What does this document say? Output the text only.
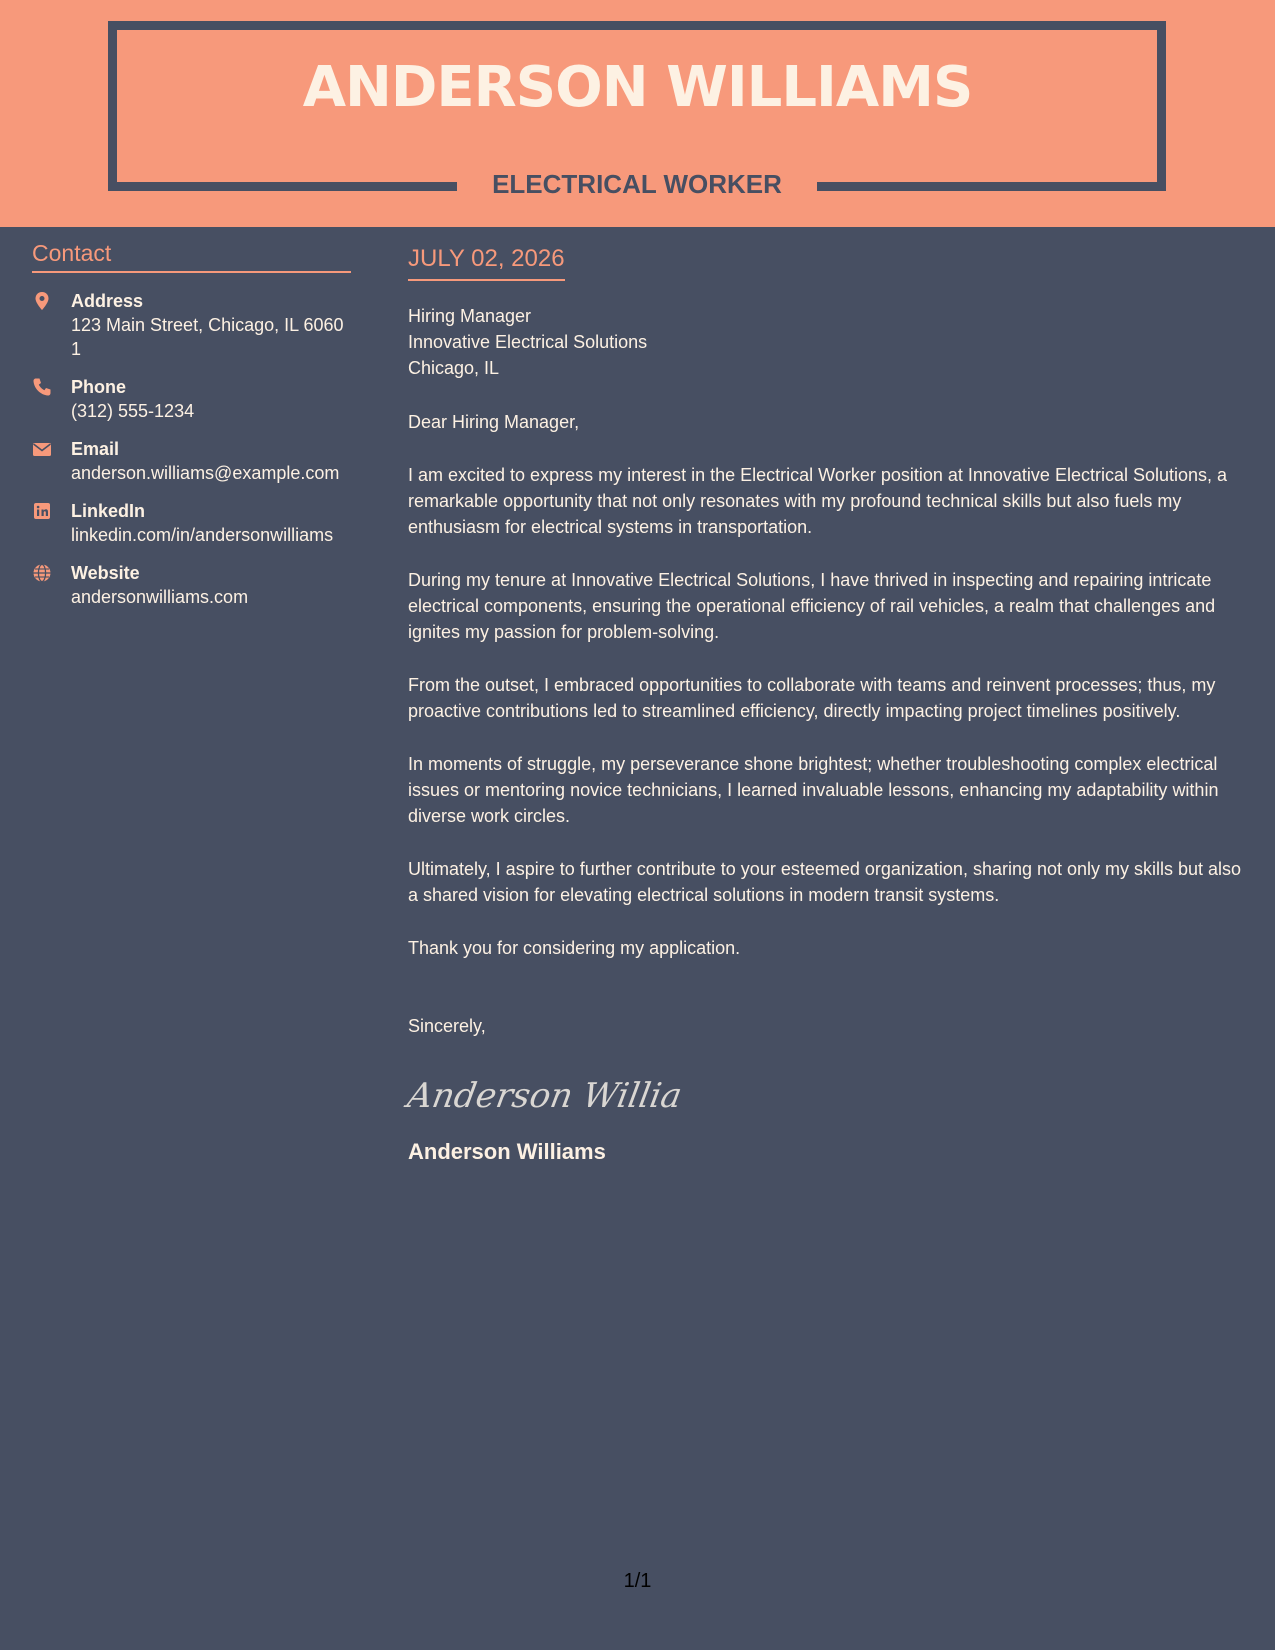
ANDERSON WILLIAMS
ELECTRICAL WORKER
Contact
Address
123 Main Street, Chicago, IL 60601
Phone
(312) 555-1234
Email
anderson.williams@example.com
LinkedIn
linkedin.com/in/andersonwilliams
Website
andersonwilliams.com
JULY 02, 2026
Hiring Manager
Innovative Electrical Solutions
Chicago, IL
Dear Hiring Manager,
I am excited to express my interest in the Electrical Worker position at Innovative Electrical Solutions, a remarkable opportunity that not only resonates with my profound technical skills but also fuels my enthusiasm for electrical systems in transportation.
During my tenure at Innovative Electrical Solutions, I have thrived in inspecting and repairing intricate electrical components, ensuring the operational efficiency of rail vehicles, a realm that challenges and ignites my passion for problem-solving.
From the outset, I embraced opportunities to collaborate with teams and reinvent processes; thus, my proactive contributions led to streamlined efficiency, directly impacting project timelines positively.
In moments of struggle, my perseverance shone brightest; whether troubleshooting complex electrical issues or mentoring novice technicians, I learned invaluable lessons, enhancing my adaptability within diverse work circles.
Ultimately, I aspire to further contribute to your esteemed organization, sharing not only my skills but also a shared vision for elevating electrical solutions in modern transit systems.
Thank you for considering my application.
Sincerely,
Anderson Willia
Anderson Williams
1/1
